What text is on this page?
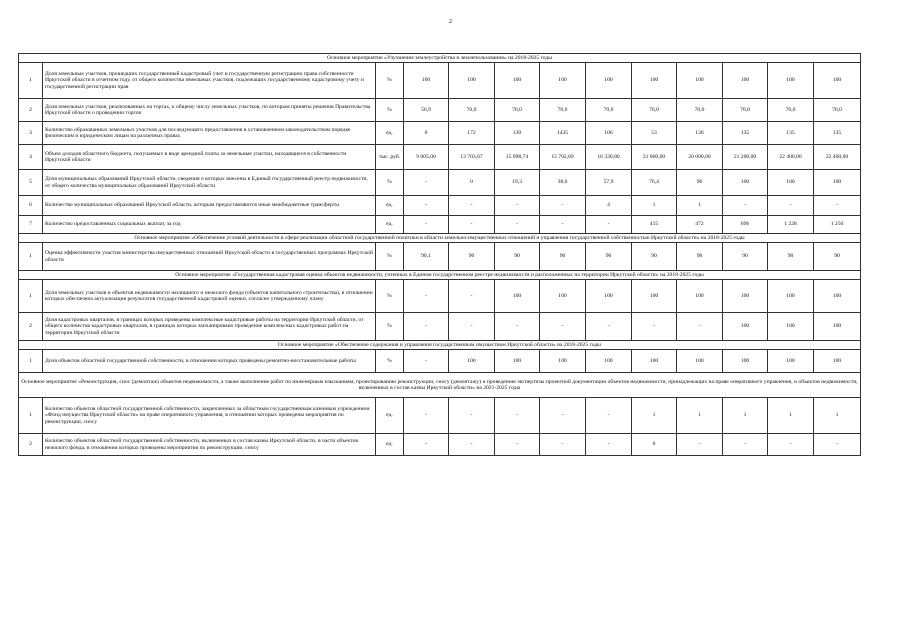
2
Основное мероприятие «Улучшение землеустройства и землепользования» на 2018-2025 годы												
1	Доля земельных участков, прошедших государственный кадастровый учет и государственную регистрацию права собственности Иркутской области в отчетном году, от общего количества земельных участков, подлежащих государственному кадастровому учету и государственной регистрации прав	%	100	100	100	100	100	100	100	100	100	100
2	Доля земельных участков, реализованных на торгах, к общему числу земельных участков, по которым приняты решения Правительства Иркутской области о проведении торгов	%	56,9	70,0	70,0	70,0	70,0	70,0	70,0	70,0	70,0	70,0
3	Количество образованных земельных участков для последующего предоставления в установленном законодательством порядке физическим и юридическим лицам на различных правах	ед.	0	172	130	1435	106	53	136	135	135	135
4	Объем доходов областного бюджета, получаемых в виде арендной платы за земельные участки, находящиеся в собственности Иркутской области	тыс. руб.	9 005,00	13 703,67	15 098,74	15 702,69	16 330,80	21 000,00	20 000,00	21 200,00	22 400,00	22 400,00
5	Доля муниципальных образований Иркутской области, сведения о которых внесены в Единый государственный реестр недвижимости, от общего количества муниципальных образований Иркутской области	%	-	0	19,3	38,6	57,9	76,4	96	100	100	100
6	Количество муниципальных образований Иркутской области, которым предоставляются иные межбюджетные трансферты	ед.	-	-	-	-	4	1	1	-	-	-
7	Количество предоставленных социальных выплат, за год	ед.	-	-	-	-	-	415	472	696	1 228	1 250
Основное мероприятие «Обеспечение условий деятельности в сфере реализации областной государственной политики в области земельно-имущественных отношений и управления государственной собственностью Иркутской области» на 2018-2025 годы												
1	Оценка эффективности участия министерства имущественных отношений Иркутской области в государственных программах Иркутской области	%	90,1	90	90	90	90	90	90	90	90	90
Основное мероприятие «Государственная кадастровая оценка объектов недвижимости, учтенных в Едином государственном реестре недвижимости и расположенных на территории Иркутской области» на 2018-2025 годы												
1	Доля земельных участков и объектов недвижимости жилищного и нежилого фонда (объектов капитального строительства), в отношении которых обеспечена актуализация результатов государственной кадастровой оценки, согласно утвержденному плану	%	-	-	100	100	100	100	100	100	100	100
2	Доля кадастровых кварталов, в границах которых проведены комплексные кадастровые работы на территории Иркутской области, от общего количества кадастровых кварталов, в границах которых запланировано проведение комплексных кадастровых работ на территории Иркутской области	%	-	-	-	-	-	-	-	100	100	100
Основное мероприятие «Обеспечение содержания и управления государственным имуществом Иркутской области» на 2018-2025 годы												
1	Доля объектов областной государственной собственности, в отношении которых проведены ремонтно-восстановительные работы	%	-	100	100	100	100	100	100	100	100	100
Основное мероприятие «Реконструкция, снос (демонтаж) объектов недвижимости, а также выполнение работ по инженерным изысканиям, проектированию реконструкции, сносу (демонтажу) и проведению экспертизы проектной документации объектов недвижимости, принадлежащих на праве оперативного управления, и объектов недвижимости, включенных в состав казны Иркутской области» на 2021-2025 годы												
1	Количество объектов областной государственной собственности, закрепленных за областным государственным казенным учреждением «Фонд имущества Иркутской области» на праве оперативного управления, в отношении которых проведены мероприятия по реконструкции, сносу	ед.	-	-	-	-	-	1	1	1	1	1
2	Количество объектов областной государственной собственности, включенных в состав казны Иркутской области, в части объектов нежилого фонда, в отношении которых проведены мероприятия по реконструкции, сносу	ед.	-	-	-	-	-	6	-	-	-	-
